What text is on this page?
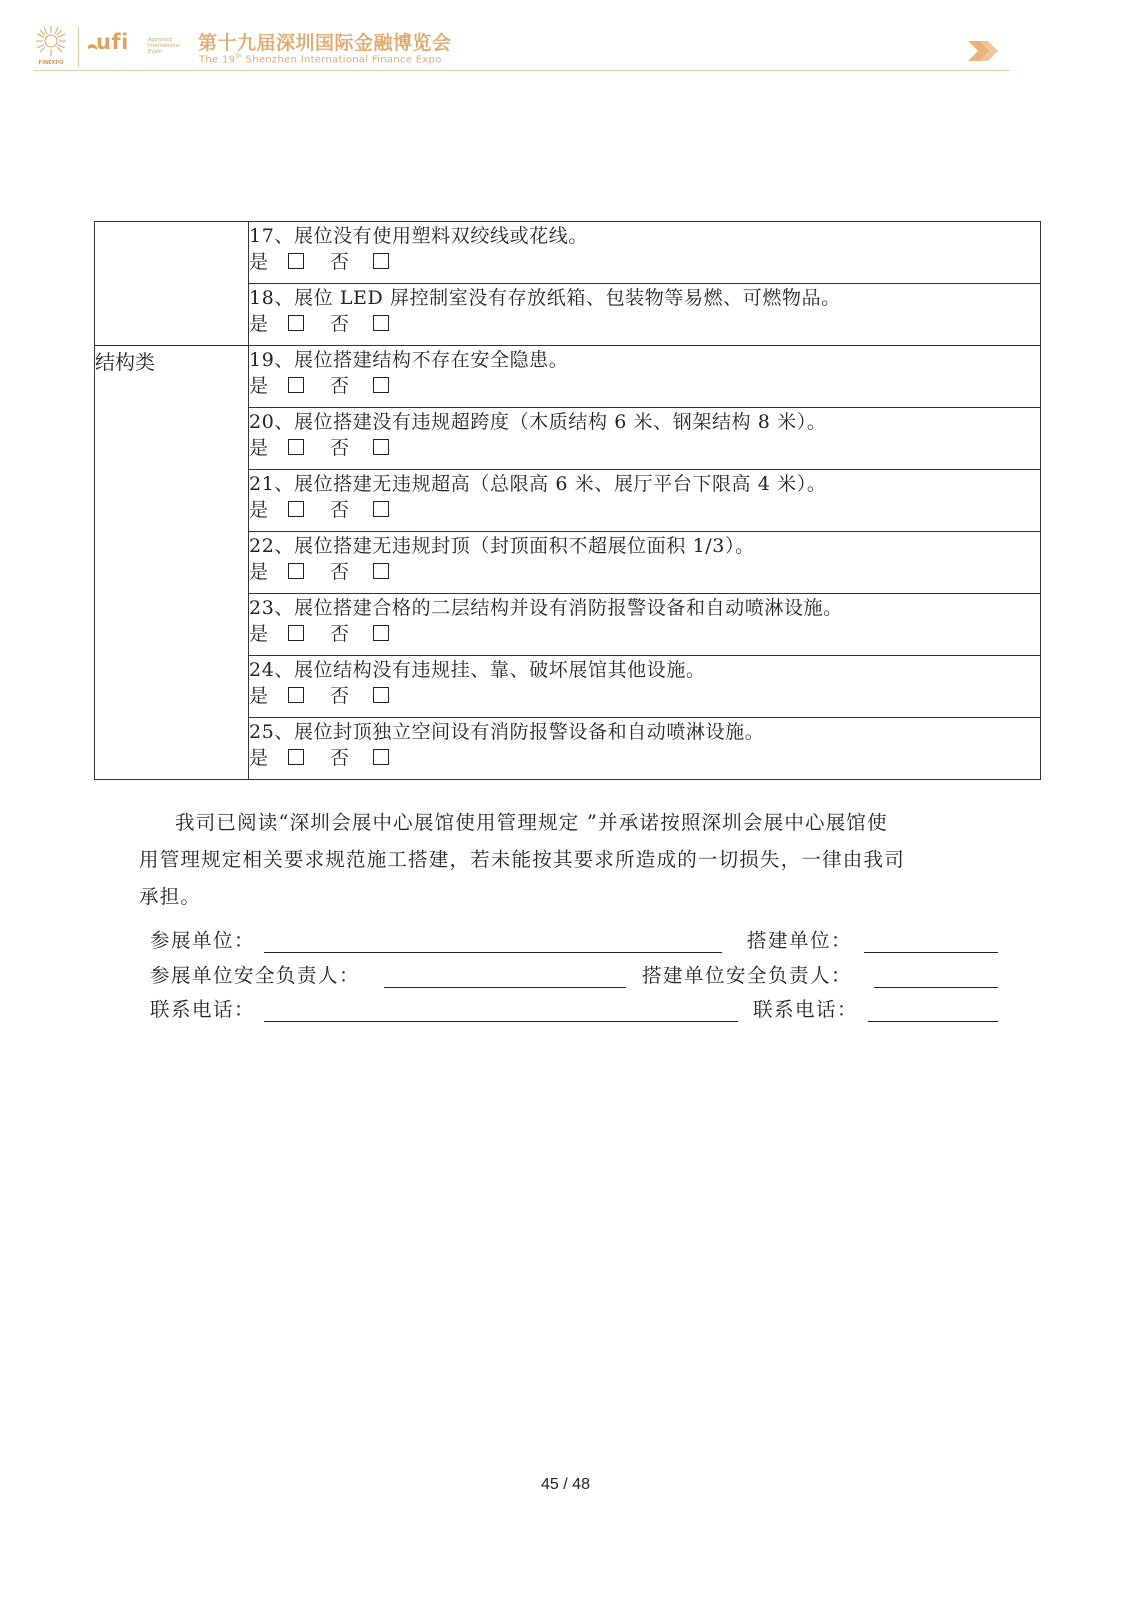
FINEXPO
ufi	Approved International Event	第十九届深圳国际金融博览会
The 19th Shenzhen International Finance Expo

	17、展位没有使用塑料双绞线或花线。
是 否

	18、展位 LED 屏控制室没有存放纸箱、包装物等易燃、可燃物品。
是 否

结构类	19、展位搭建结构不存在安全隐患。
是 否

	20、展位搭建没有违规超跨度（木质结构 6 米、钢架结构 8 米）。
是 否

	21、展位搭建无违规超高（总限高 6 米、展厅平台下限高 4 米）。
是 否

	22、展位搭建无违规封顶（封顶面积不超展位面积 1/3）。
是 否

	23、展位搭建合格的二层结构并设有消防报警设备和自动喷淋设施。
是 否

	24、展位结构没有违规挂、靠、破坏展馆其他设施。
是 否

	25、展位封顶独立空间设有消防报警设备和自动喷淋设施。
是 否
我司已阅读“深圳会展中心展馆使用管理规定 ”并承诺按照深圳会展中心展馆使
用管理规定相关要求规范施工搭建，若未能按其要求所造成的一切损失，一律由我司
承担。
参展单位：	搭建单位：
参展单位安全负责人：	搭建单位安全负责人：
联系电话：	联系电话：
45 / 48
